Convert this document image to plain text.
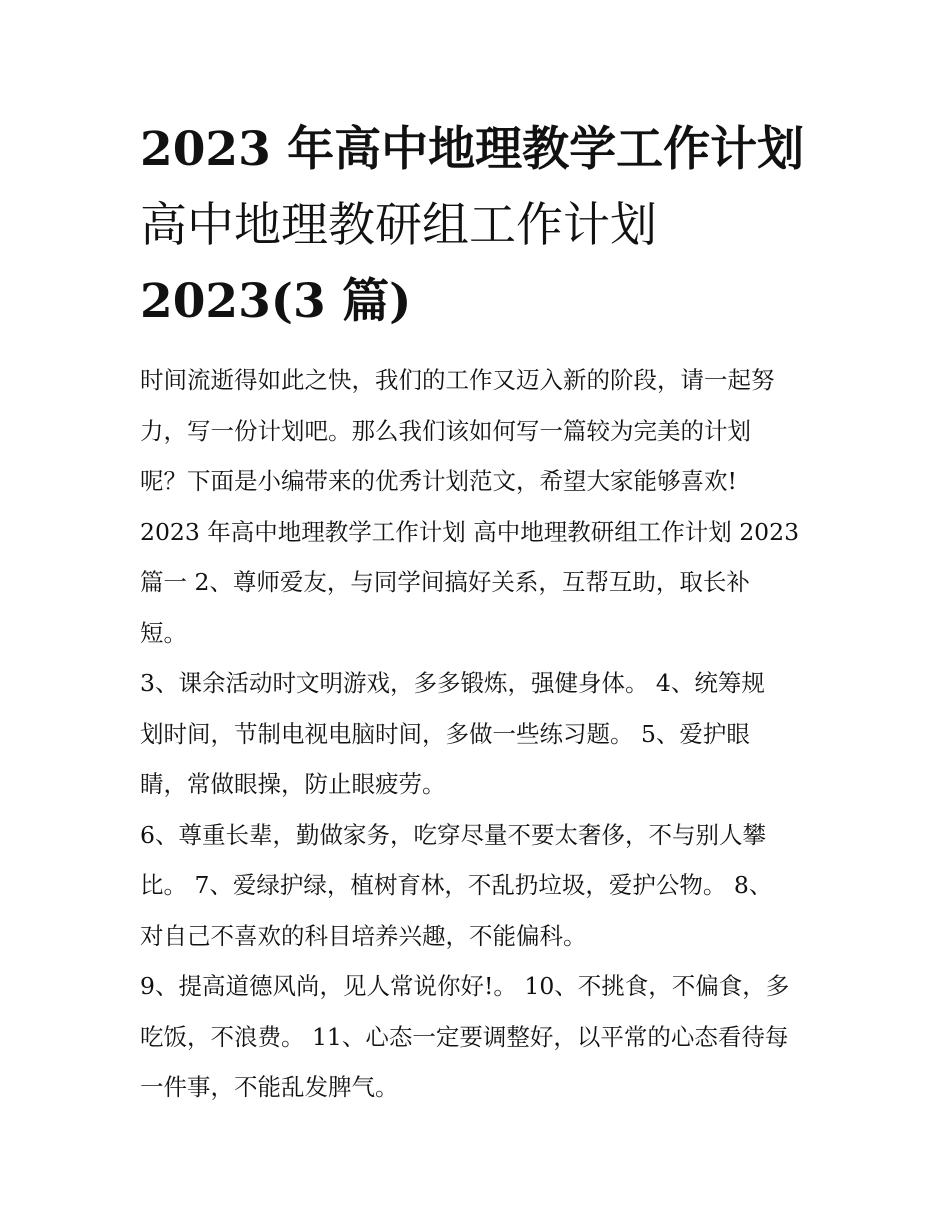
2023 年高中地理教学工作计划
高中地理教研组工作计划
2023(3 篇)

时间流逝得如此之快，我们的工作又迈入新的阶段，请一起努
力，写一份计划吧。那么我们该如何写一篇较为完美的计划
呢？下面是小编带来的优秀计划范文，希望大家能够喜欢!
2023 年高中地理教学工作计划 高中地理教研组工作计划 2023
篇一 2、尊师爱友，与同学间搞好关系，互帮互助，取长补
短。

3、课余活动时文明游戏，多多锻炼，强健身体。 4、统筹规
划时间，节制电视电脑时间，多做一些练习题。 5、爱护眼
睛，常做眼操，防止眼疲劳。

6、尊重长辈，勤做家务，吃穿尽量不要太奢侈，不与别人攀
比。 7、爱绿护绿，植树育林，不乱扔垃圾，爱护公物。 8、
对自己不喜欢的科目培养兴趣，不能偏科。

9、提高道德风尚，见人常说你好!。 10、不挑食，不偏食，多
吃饭，不浪费。 11、心态一定要调整好，以平常的心态看待每
一件事，不能乱发脾气。
